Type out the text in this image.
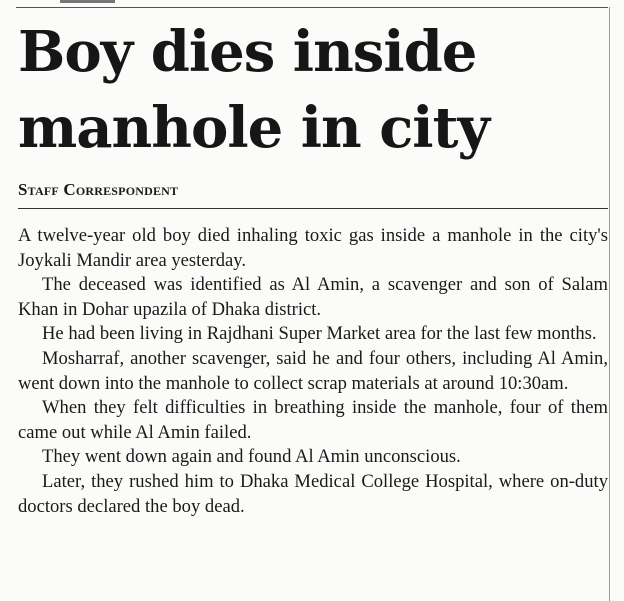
Boy dies inside manhole in city
Staff Correspondent

A twelve-year old boy died inhaling toxic gas inside a manhole in the city's Joykali Mandir area yesterday.

The deceased was identified as Al Amin, a scavenger and son of Salam Khan in Dohar upazila of Dhaka district.

He had been living in Rajdhani Super Market area for the last few months.

Mosharraf, another scavenger, said he and four others, including Al Amin, went down into the manhole to collect scrap materials at around 10:30am.

When they felt difficulties in breathing inside the manhole, four of them came out while Al Amin failed.

They went down again and found Al Amin unconscious.

Later, they rushed him to Dhaka Medical College Hospital, where on-duty doctors declared the boy dead.
